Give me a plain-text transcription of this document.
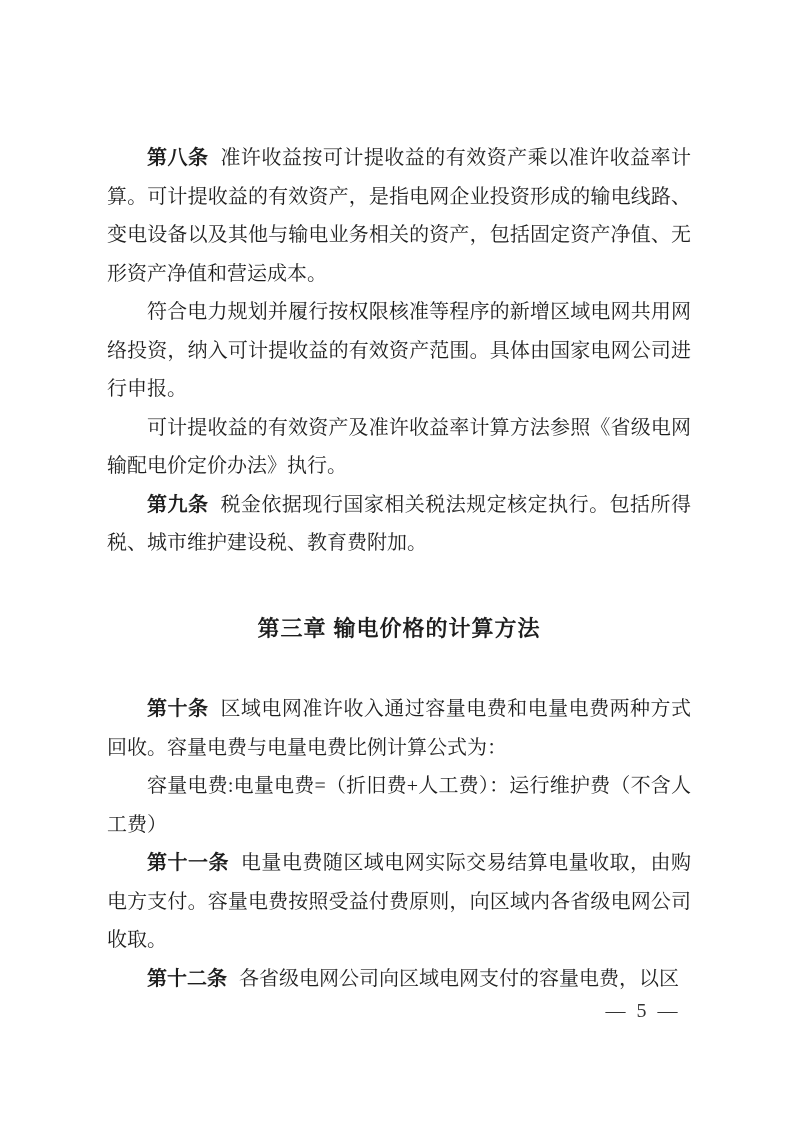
第八条 准许收益按可计提收益的有效资产乘以准许收益率计算。可计提收益的有效资产，是指电网企业投资形成的输电线路、变电设备以及其他与输电业务相关的资产，包括固定资产净值、无形资产净值和营运成本。

符合电力规划并履行按权限核准等程序的新增区域电网共用网络投资，纳入可计提收益的有效资产范围。具体由国家电网公司进行申报。

可计提收益的有效资产及准许收益率计算方法参照《省级电网输配电价定价办法》执行。

第九条 税金依据现行国家相关税法规定核定执行。包括所得税、城市维护建设税、教育费附加。

第三章 输电价格的计算方法

第十条 区域电网准许收入通过容量电费和电量电费两种方式回收。容量电费与电量电费比例计算公式为：

容量电费:电量电费=（折旧费+人工费）：运行维护费（不含人工费）

第十一条 电量电费随区域电网实际交易结算电量收取，由购电方支付。容量电费按照受益付费原则，向区域内各省级电网公司收取。

第十二条 各省级电网公司向区域电网支付的容量电费，以区

— 5 —
